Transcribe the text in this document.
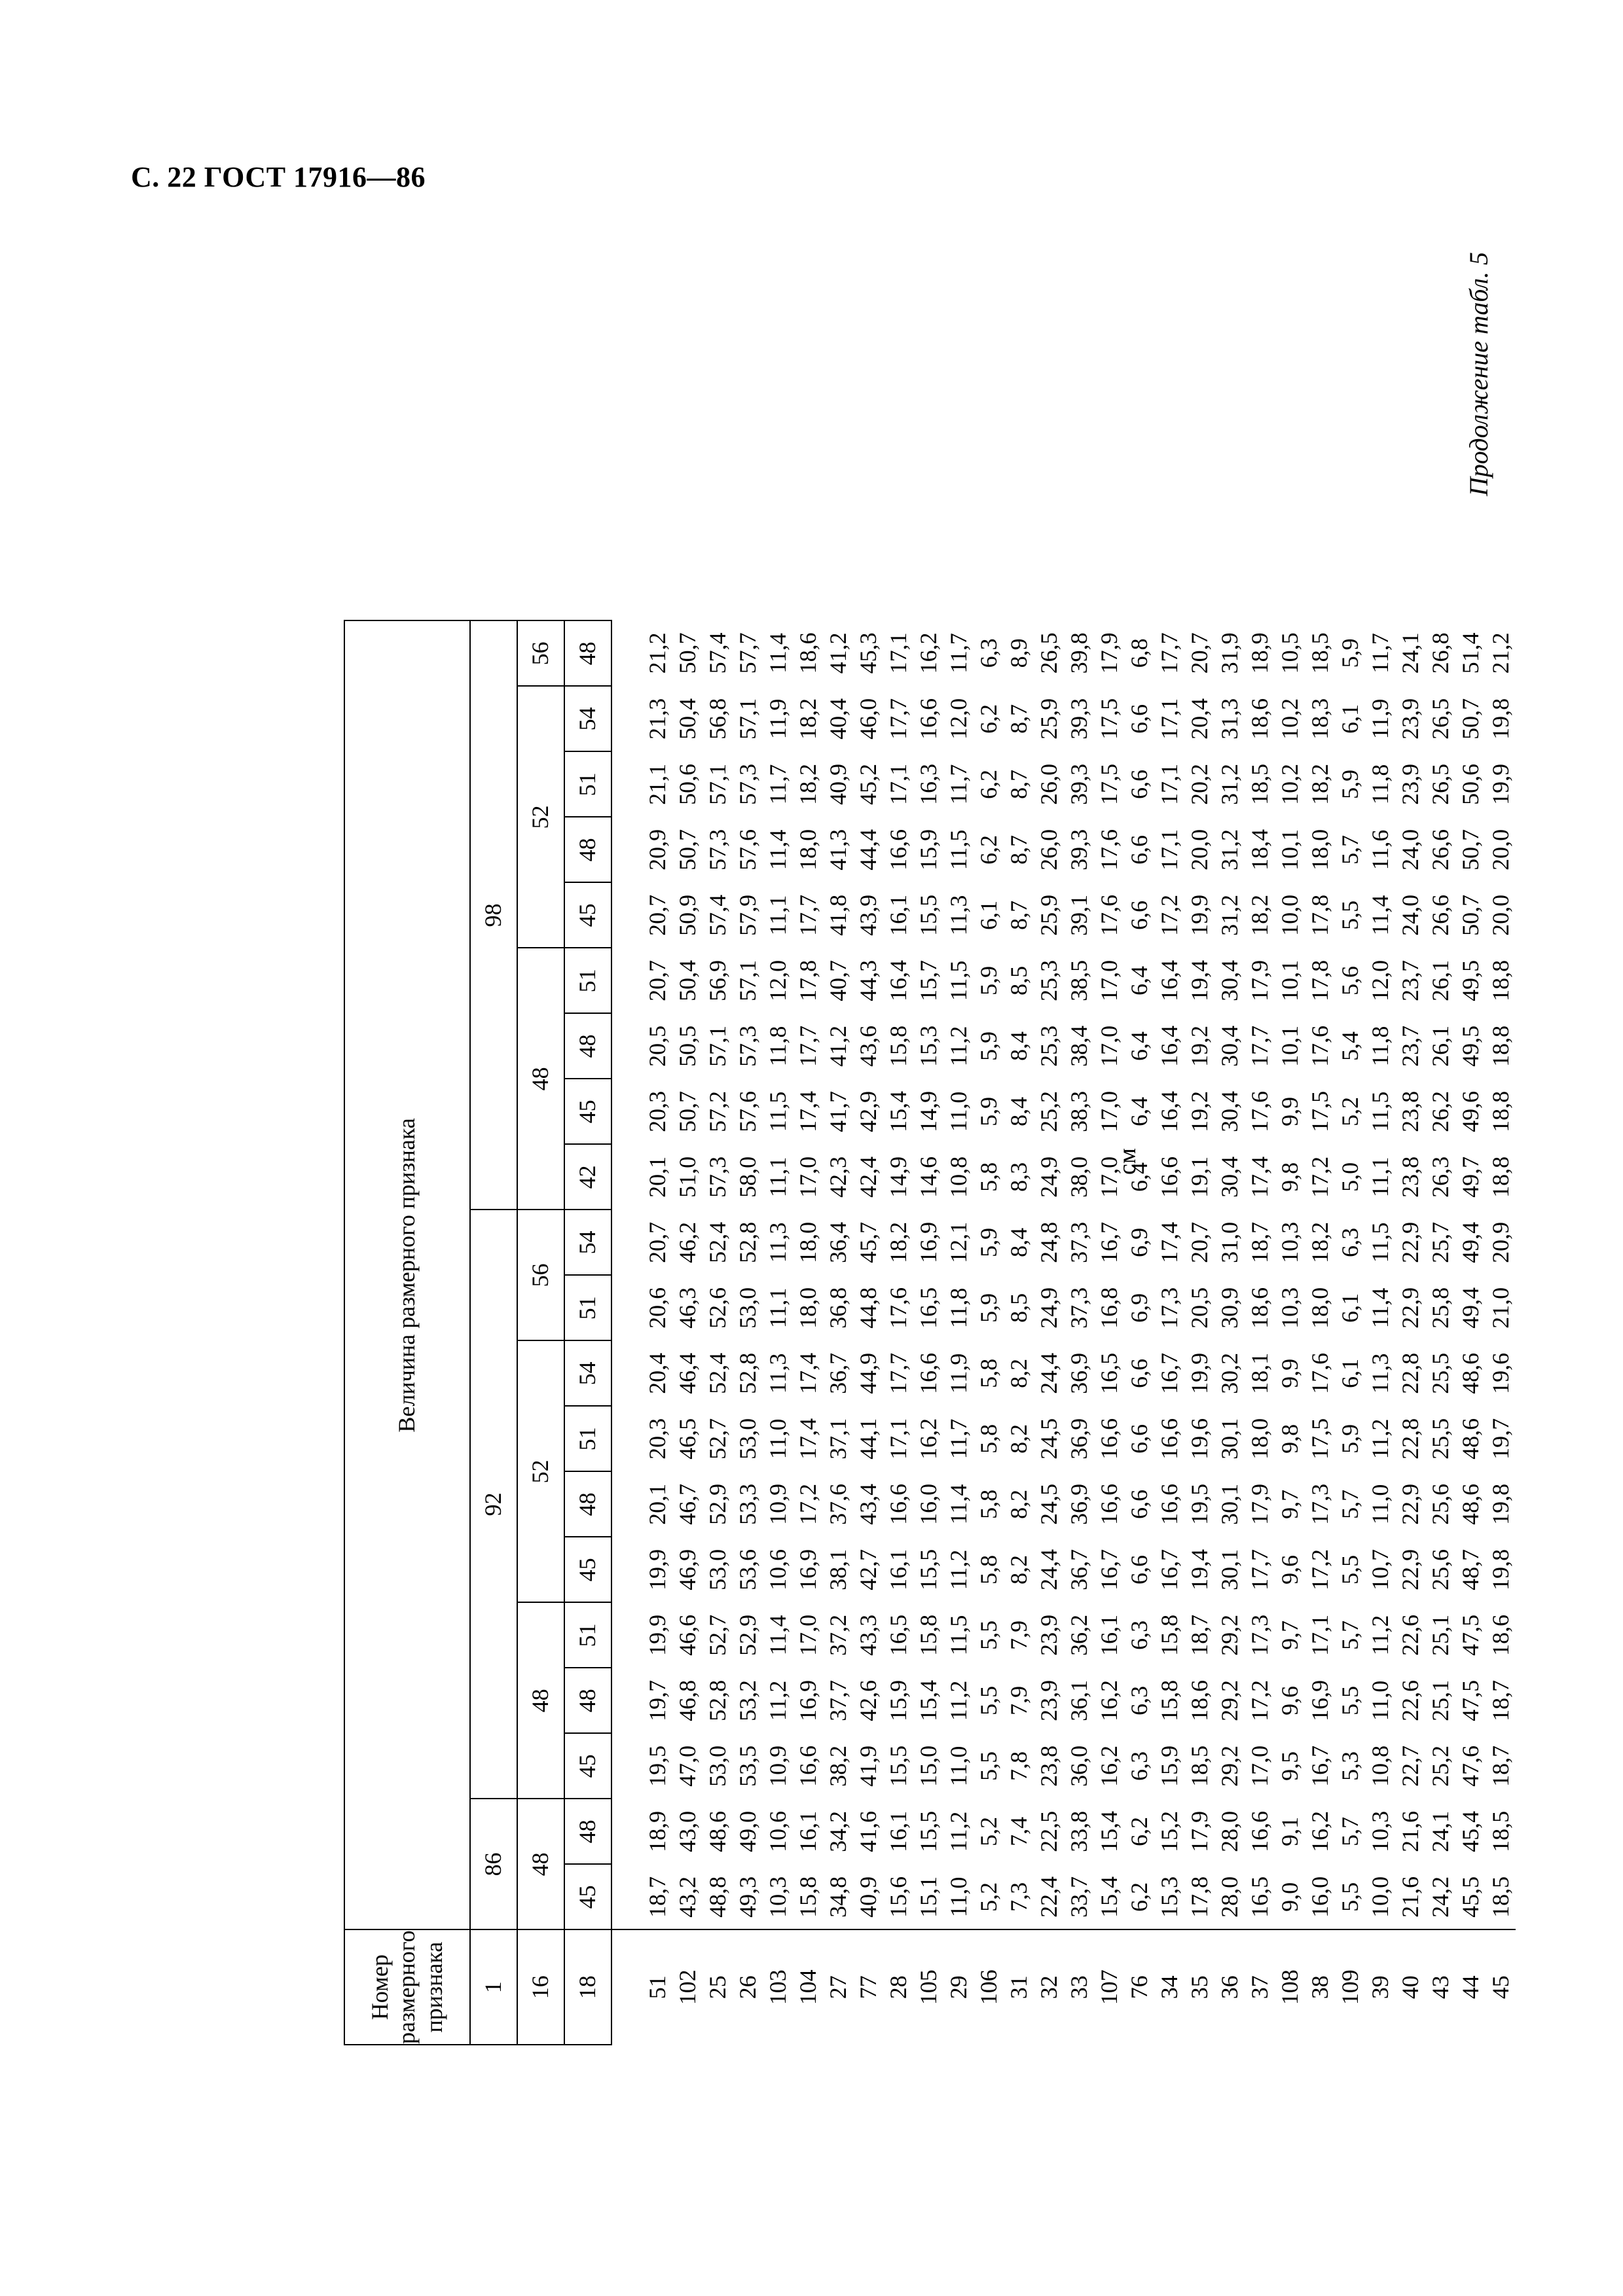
С. 22 ГОСТ 17916—86
Продолжение табл. 5
см
Номер размерного признака	Величина размерного признака																			
1	86		92									98								
16	48		48			52				56		48				52				56
18	45	48	45	48	51	45	48	51	54	51	54	42	45	48	51	45	48	51	54	48

51	18,7	18,9	19,5	19,7	19,9	19,9	20,1	20,3	20,4	20,6	20,7	20,1	20,3	20,5	20,7	20,7	20,9	21,1	21,3	21,2
102	43,2	43,0	47,0	46,8	46,6	46,9	46,7	46,5	46,4	46,3	46,2	51,0	50,7	50,5	50,4	50,9	50,7	50,6	50,4	50,7
25	48,8	48,6	53,0	52,8	52,7	53,0	52,9	52,7	52,4	52,6	52,4	57,3	57,2	57,1	56,9	57,4	57,3	57,1	56,8	57,4
26	49,3	49,0	53,5	53,2	52,9	53,6	53,3	53,0	52,8	53,0	52,8	58,0	57,6	57,3	57,1	57,9	57,6	57,3	57,1	57,7
103	10,3	10,6	10,9	11,2	11,4	10,6	10,9	11,0	11,3	11,1	11,3	11,1	11,5	11,8	12,0	11,1	11,4	11,7	11,9	11,4
104	15,8	16,1	16,6	16,9	17,0	16,9	17,2	17,4	17,4	18,0	18,0	17,0	17,4	17,7	17,8	17,7	18,0	18,2	18,2	18,6
27	34,8	34,2	38,2	37,7	37,2	38,1	37,6	37,1	36,7	36,8	36,4	42,3	41,7	41,2	40,7	41,8	41,3	40,9	40,4	41,2
77	40,9	41,6	41,9	42,6	43,3	42,7	43,4	44,1	44,9	44,8	45,7	42,4	42,9	43,6	44,3	43,9	44,4	45,2	46,0	45,3
28	15,6	16,1	15,5	15,9	16,5	16,1	16,6	17,1	17,7	17,6	18,2	14,9	15,4	15,8	16,4	16,1	16,6	17,1	17,7	17,1
105	15,1	15,5	15,0	15,4	15,8	15,5	16,0	16,2	16,6	16,5	16,9	14,6	14,9	15,3	15,7	15,5	15,9	16,3	16,6	16,2
29	11,0	11,2	11,0	11,2	11,5	11,2	11,4	11,7	11,9	11,8	12,1	10,8	11,0	11,2	11,5	11,3	11,5	11,7	12,0	11,7
106	5,2	5,2	5,5	5,5	5,5	5,8	5,8	5,8	5,8	5,9	5,9	5,8	5,9	5,9	5,9	6,1	6,2	6,2	6,2	6,3
31	7,3	7,4	7,8	7,9	7,9	8,2	8,2	8,2	8,2	8,5	8,4	8,3	8,4	8,4	8,5	8,7	8,7	8,7	8,7	8,9
32	22,4	22,5	23,8	23,9	23,9	24,4	24,5	24,5	24,4	24,9	24,8	24,9	25,2	25,3	25,3	25,9	26,0	26,0	25,9	26,5
33	33,7	33,8	36,0	36,1	36,2	36,7	36,9	36,9	36,9	37,3	37,3	38,0	38,3	38,4	38,5	39,1	39,3	39,3	39,3	39,8
107	15,4	15,4	16,2	16,2	16,1	16,7	16,6	16,6	16,5	16,8	16,7	17,0	17,0	17,0	17,0	17,6	17,6	17,5	17,5	17,9
76	6,2	6,2	6,3	6,3	6,3	6,6	6,6	6,6	6,6	6,9	6,9	6,4	6,4	6,4	6,4	6,6	6,6	6,6	6,6	6,8
34	15,3	15,2	15,9	15,8	15,8	16,7	16,6	16,6	16,7	17,3	17,4	16,6	16,4	16,4	16,4	17,2	17,1	17,1	17,1	17,7
35	17,8	17,9	18,5	18,6	18,7	19,4	19,5	19,6	19,9	20,5	20,7	19,1	19,2	19,2	19,4	19,9	20,0	20,2	20,4	20,7
36	28,0	28,0	29,2	29,2	29,2	30,1	30,1	30,1	30,2	30,9	31,0	30,4	30,4	30,4	30,4	31,2	31,2	31,2	31,3	31,9
37	16,5	16,6	17,0	17,2	17,3	17,7	17,9	18,0	18,1	18,6	18,7	17,4	17,6	17,7	17,9	18,2	18,4	18,5	18,6	18,9
108	9,0	9,1	9,5	9,6	9,7	9,6	9,7	9,8	9,9	10,3	10,3	9,8	9,9	10,1	10,1	10,0	10,1	10,2	10,2	10,5
38	16,0	16,2	16,7	16,9	17,1	17,2	17,3	17,5	17,6	18,0	18,2	17,2	17,5	17,6	17,8	17,8	18,0	18,2	18,3	18,5
109	5,5	5,7	5,3	5,5	5,7	5,5	5,7	5,9	6,1	6,1	6,3	5,0	5,2	5,4	5,6	5,5	5,7	5,9	6,1	5,9
39	10,0	10,3	10,8	11,0	11,2	10,7	11,0	11,2	11,3	11,4	11,5	11,1	11,5	11,8	12,0	11,4	11,6	11,8	11,9	11,7
40	21,6	21,6	22,7	22,6	22,6	22,9	22,9	22,8	22,8	22,9	22,9	23,8	23,8	23,7	23,7	24,0	24,0	23,9	23,9	24,1
43	24,2	24,1	25,2	25,1	25,1	25,6	25,6	25,5	25,5	25,8	25,7	26,3	26,2	26,1	26,1	26,6	26,6	26,5	26,5	26,8
44	45,5	45,4	47,6	47,5	47,5	48,7	48,6	48,6	48,6	49,4	49,4	49,7	49,6	49,5	49,5	50,7	50,7	50,6	50,7	51,4
45	18,5	18,5	18,7	18,7	18,6	19,8	19,8	19,7	19,6	21,0	20,9	18,8	18,8	18,8	18,8	20,0	20,0	19,9	19,8	21,2
